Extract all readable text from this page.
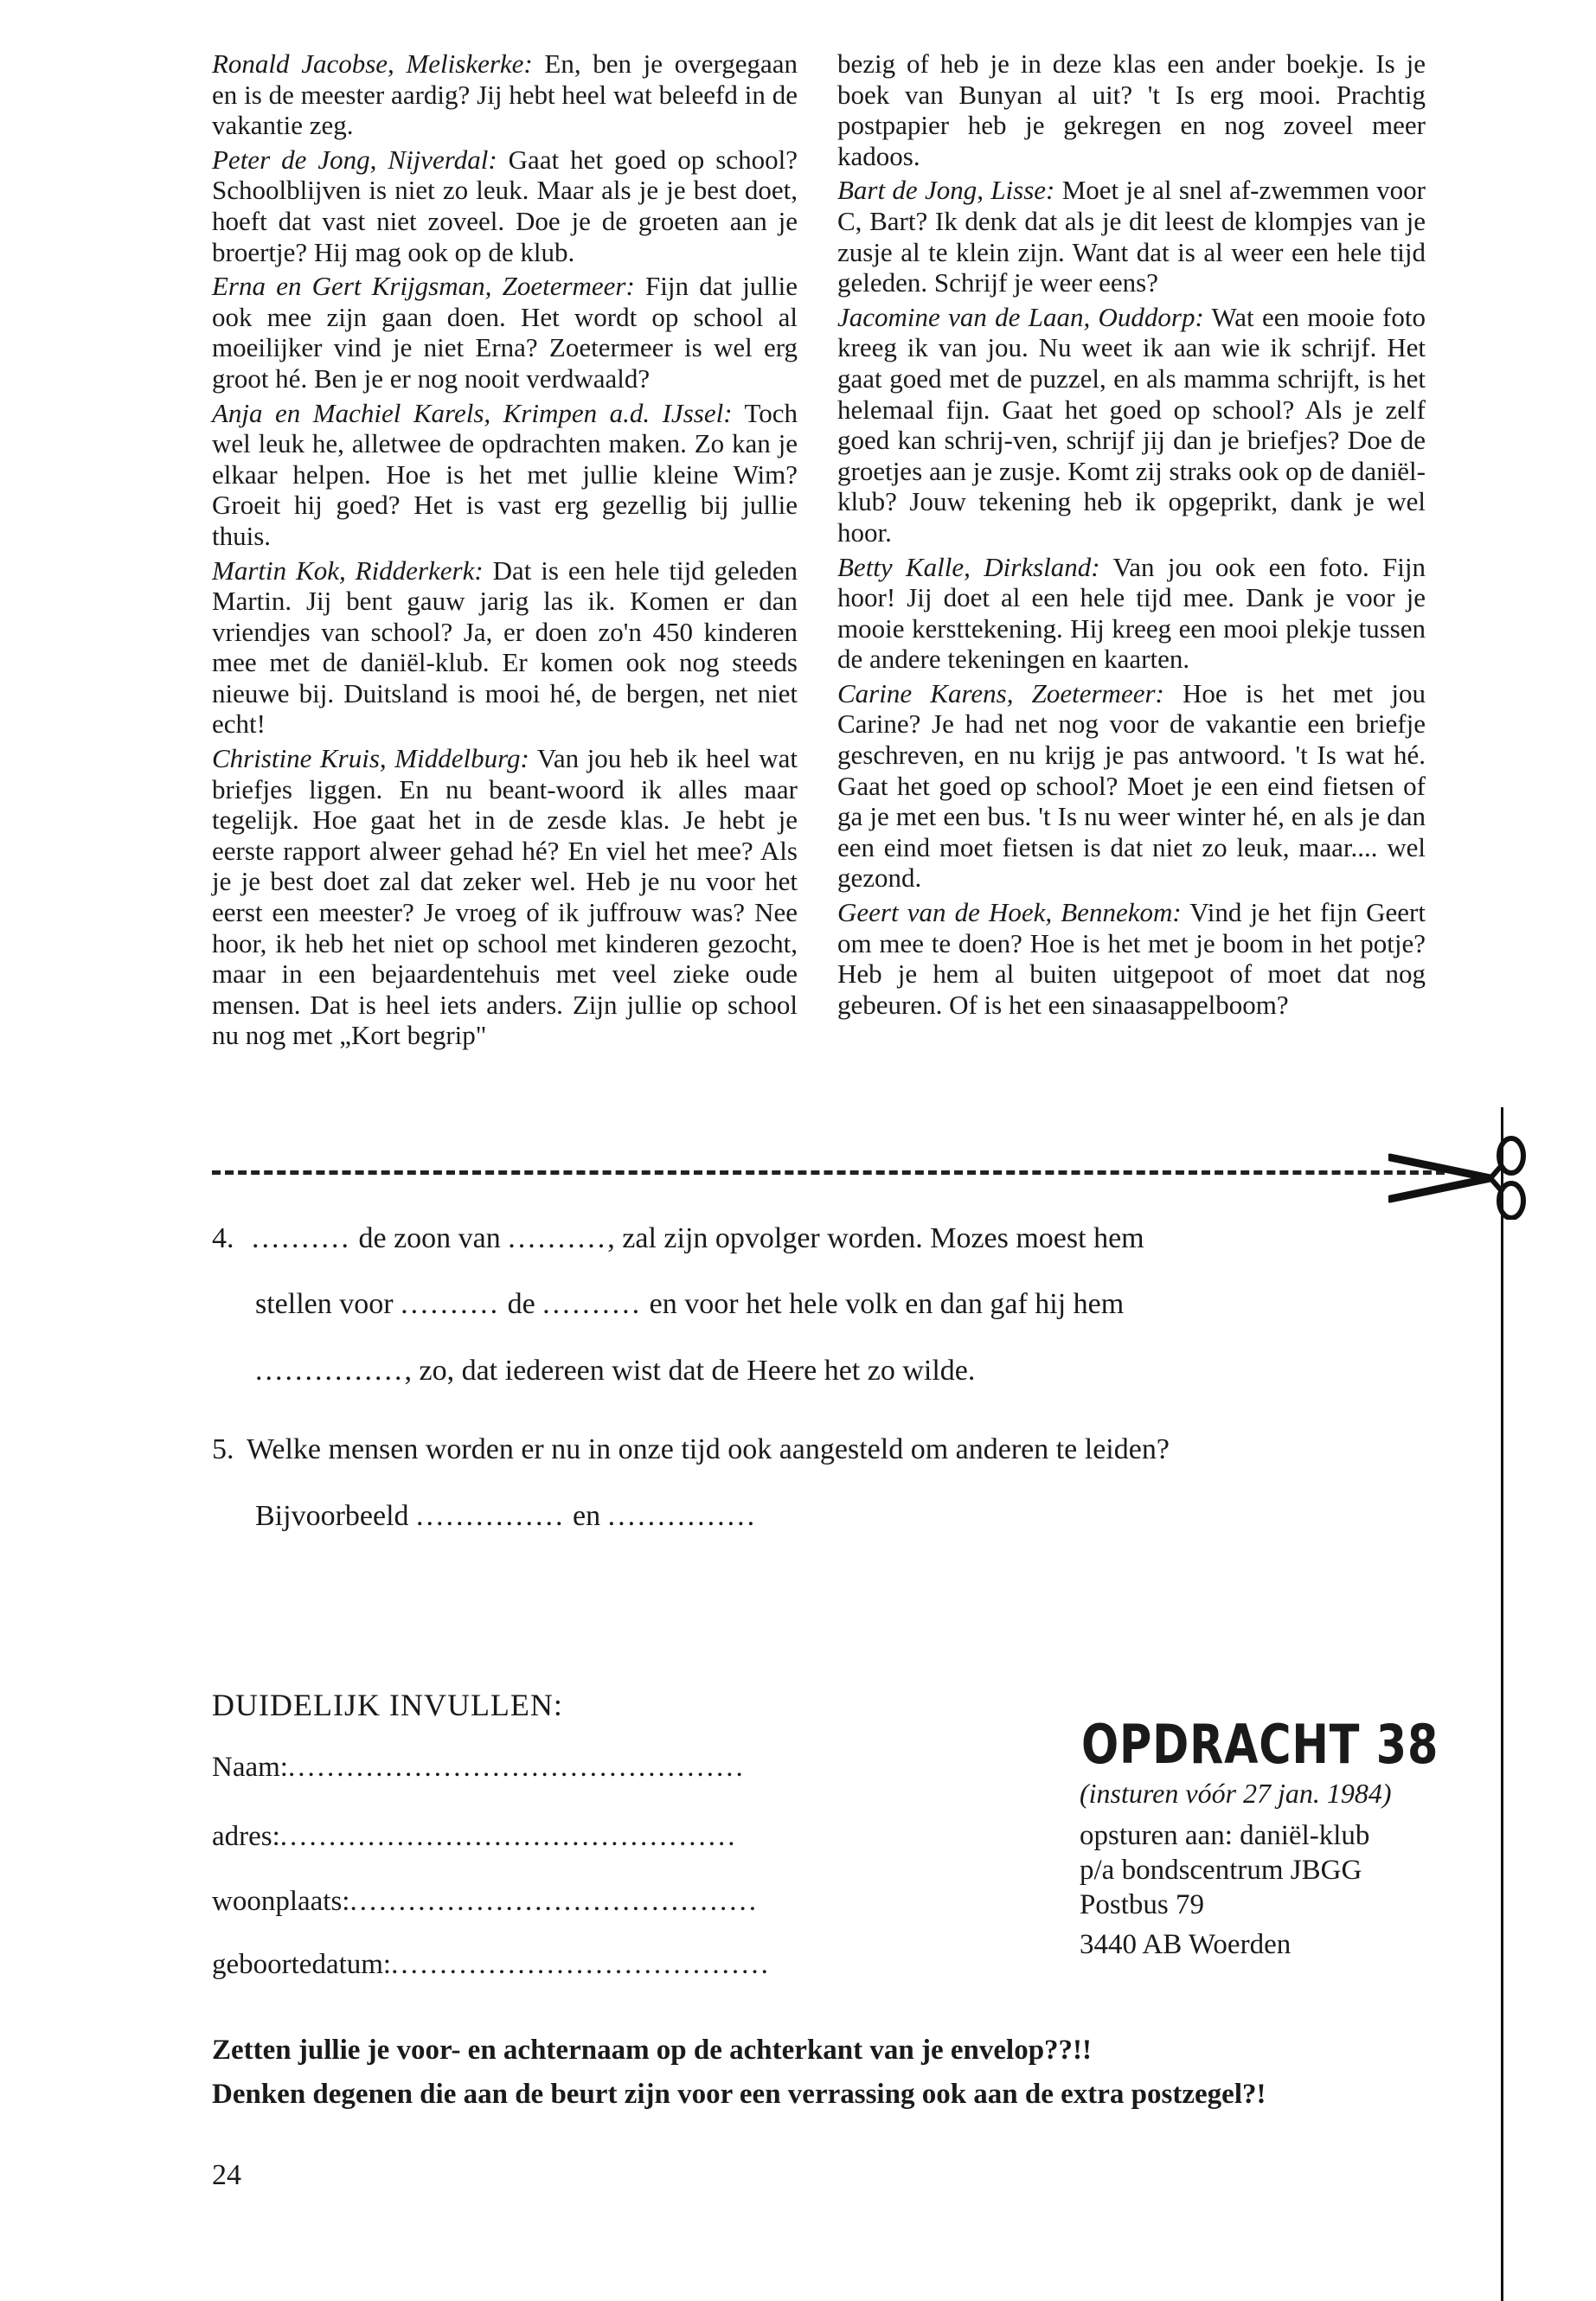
Ronald Jacobse, Meliskerke: En, ben je overgegaan en is de meester aardig? Jij hebt heel wat beleefd in de vakantie zeg.

Peter de Jong, Nijverdal: Gaat het goed op school? Schoolblijven is niet zo leuk. Maar als je je best doet, hoeft dat vast niet zoveel. Doe je de groeten aan je broertje? Hij mag ook op de klub.

Erna en Gert Krijgsman, Zoetermeer: Fijn dat jullie ook mee zijn gaan doen. Het wordt op school al moeilijker vind je niet Erna? Zoetermeer is wel erg groot hé. Ben je er nog nooit verdwaald?

Anja en Machiel Karels, Krimpen a.d. IJssel: Toch wel leuk he, alletwee de opdrachten maken. Zo kan je elkaar helpen. Hoe is het met jullie kleine Wim? Groeit hij goed? Het is vast erg gezellig bij jullie thuis.

Martin Kok, Ridderkerk: Dat is een hele tijd geleden Martin. Jij bent gauw jarig las ik. Komen er dan vriendjes van school? Ja, er doen zo'n 450 kinderen mee met de daniël-klub. Er komen ook nog steeds nieuwe bij. Duitsland is mooi hé, de bergen, net niet echt!

Christine Kruis, Middelburg: Van jou heb ik heel wat briefjes liggen. En nu beant-woord ik alles maar tegelijk. Hoe gaat het in de zesde klas. Je hebt je eerste rapport alweer gehad hé? En viel het mee? Als je je best doet zal dat zeker wel. Heb je nu voor het eerst een meester? Je vroeg of ik juffrouw was? Nee hoor, ik heb het niet op school met kinderen gezocht, maar in een bejaardentehuis met veel zieke oude mensen. Dat is heel iets anders. Zijn jullie op school nu nog met „Kort begrip"

bezig of heb je in deze klas een ander boekje. Is je boek van Bunyan al uit? 't Is erg mooi. Prachtig postpapier heb je gekregen en nog zoveel meer kadoos.

Bart de Jong, Lisse: Moet je al snel af-zwemmen voor C, Bart? Ik denk dat als je dit leest de klompjes van je zusje al te klein zijn. Want dat is al weer een hele tijd geleden. Schrijf je weer eens?

Jacomine van de Laan, Ouddorp: Wat een mooie foto kreeg ik van jou. Nu weet ik aan wie ik schrijf. Het gaat goed met de puzzel, en als mamma schrijft, is het helemaal fijn. Gaat het goed op school? Als je zelf goed kan schrij-ven, schrijf jij dan je briefjes? Doe de groetjes aan je zusje. Komt zij straks ook op de daniël-klub? Jouw tekening heb ik opgeprikt, dank je wel hoor.

Betty Kalle, Dirksland: Van jou ook een foto. Fijn hoor! Jij doet al een hele tijd mee. Dank je voor je mooie kersttekening. Hij kreeg een mooi plekje tussen de andere tekeningen en kaarten.

Carine Karens, Zoetermeer: Hoe is het met jou Carine? Je had net nog voor de vakantie een briefje geschreven, en nu krijg je pas antwoord. 't Is wat hé. Gaat het goed op school? Moet je een eind fietsen of ga je met een bus. 't Is nu weer winter hé, en als je dan een eind moet fietsen is dat niet zo leuk, maar.... wel gezond.

Geert van de Hoek, Bennekom: Vind je het fijn Geert om mee te doen? Hoe is het met je boom in het potje? Heb je hem al buiten uitgepoot of moet dat nog gebeuren. Of is het een sinaasappelboom?

4. .......... de zoon van .........., zal zijn opvolger worden. Mozes moest hem
stellen voor .......... de .......... en voor het hele volk en dan gaf hij hem
..............., zo, dat iedereen wist dat de Heere het zo wilde.
5. Welke mensen worden er nu in onze tijd ook aangesteld om anderen te leiden?
Bijvoorbeeld ............... en ...............
DUIDELIJK INVULLEN:
Naam:...............................................
adres:...............................................
woonplaats:..........................................
geboortedatum:.......................................
OPDRACHT 38
(insturen vóór 27 jan. 1984)
opsturen aan: daniël-klub
p/a bondscentrum JBGG
Postbus 79
3440 AB Woerden
Zetten jullie je voor- en achternaam op de achterkant van je envelop??!!
Denken degenen die aan de beurt zijn voor een verrassing ook aan de extra postzegel?!
24
